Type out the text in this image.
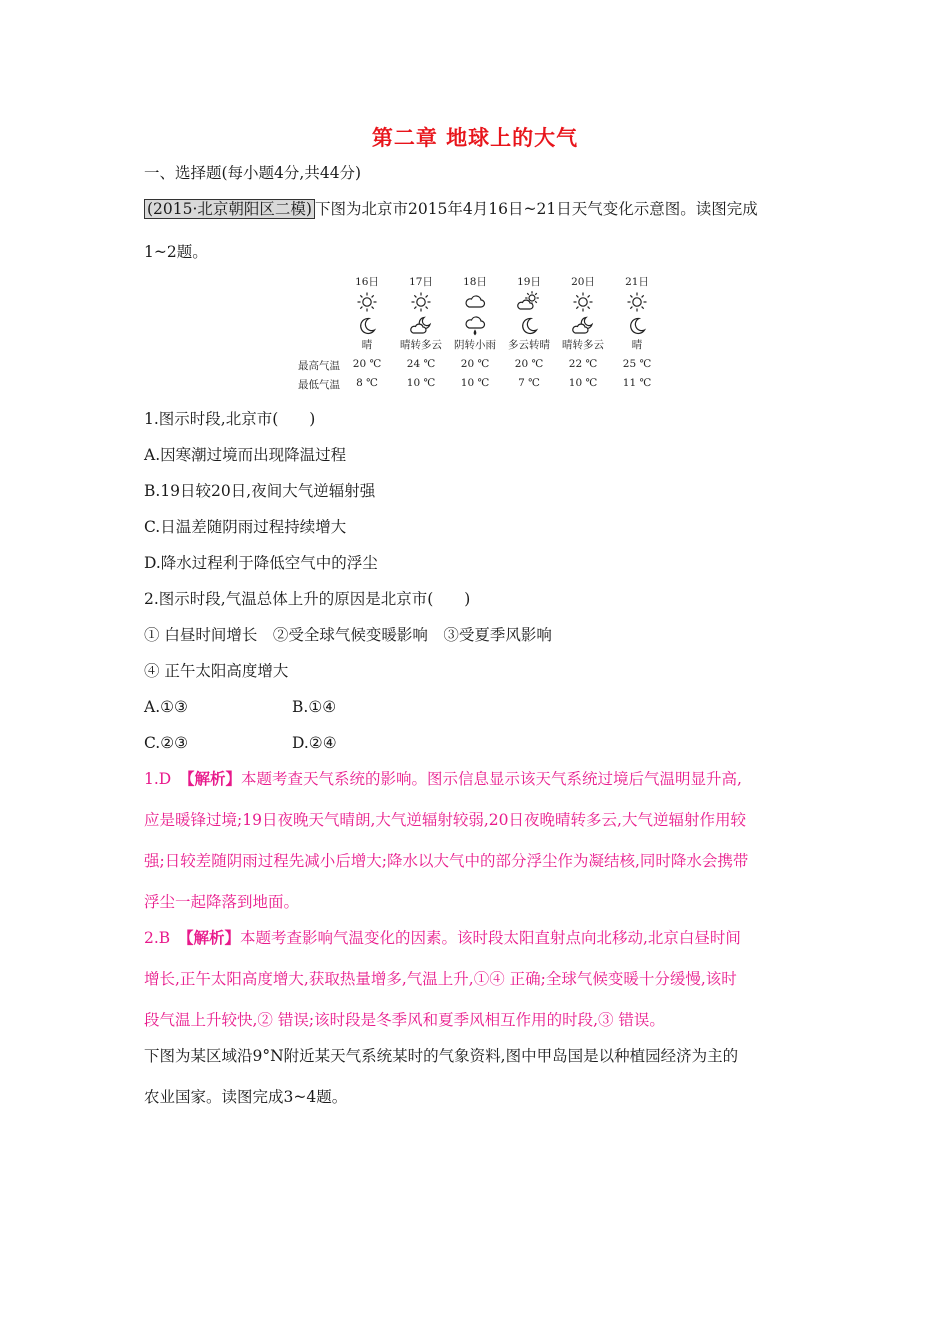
第二章 地球上的大气
一、选择题(每小题4分,共44分)
(2015·北京朝阳区二模) 下图为北京市2015年4月16日~21日天气变化示意图。读图完成
1~2题。
最高气温
最低气温
16日
晴
20 ℃
8 ℃
17日
晴转多云
24 ℃
10 ℃
18日
阴转小雨
20 ℃
10 ℃
19日
多云转晴
20 ℃
7 ℃
20日
晴转多云
22 ℃
10 ℃
21日
晴
25 ℃
11 ℃
1.图示时段,北京市(　　)
A.因寒潮过境而出现降温过程
B.19日较20日,夜间大气逆辐射强
C.日温差随阴雨过程持续增大
D.降水过程利于降低空气中的浮尘
2.图示时段,气温总体上升的原因是北京市(　　)
① 白昼时间增长　②受全球气候变暖影响　③受夏季风影响
④ 正午太阳高度增大
A.①③	B.①④
C.②③	D.②④
1.D　 【解析】本题考查天气系统的影响。图示信息显示该天气系统过境后气温明显升高,
应是暖锋过境;19日夜晚天气晴朗,大气逆辐射较弱,20日夜晚晴转多云,大气逆辐射作用较
强;日较差随阴雨过程先减小后增大;降水以大气中的部分浮尘作为凝结核,同时降水会携带
浮尘一起降落到地面。
2.B　 【解析】本题考查影响气温变化的因素。该时段太阳直射点向北移动,北京白昼时间
增长,正午太阳高度增大,获取热量增多,气温上升,①④ 正确;全球气候变暖十分缓慢,该时
段气温上升较快,② 错误;该时段是冬季风和夏季风相互作用的时段,③ 错误。
下图为某区域沿9°N附近某天气系统某时的气象资料,图中甲岛国是以种植园经济为主的
农业国家。读图完成3~4题。
